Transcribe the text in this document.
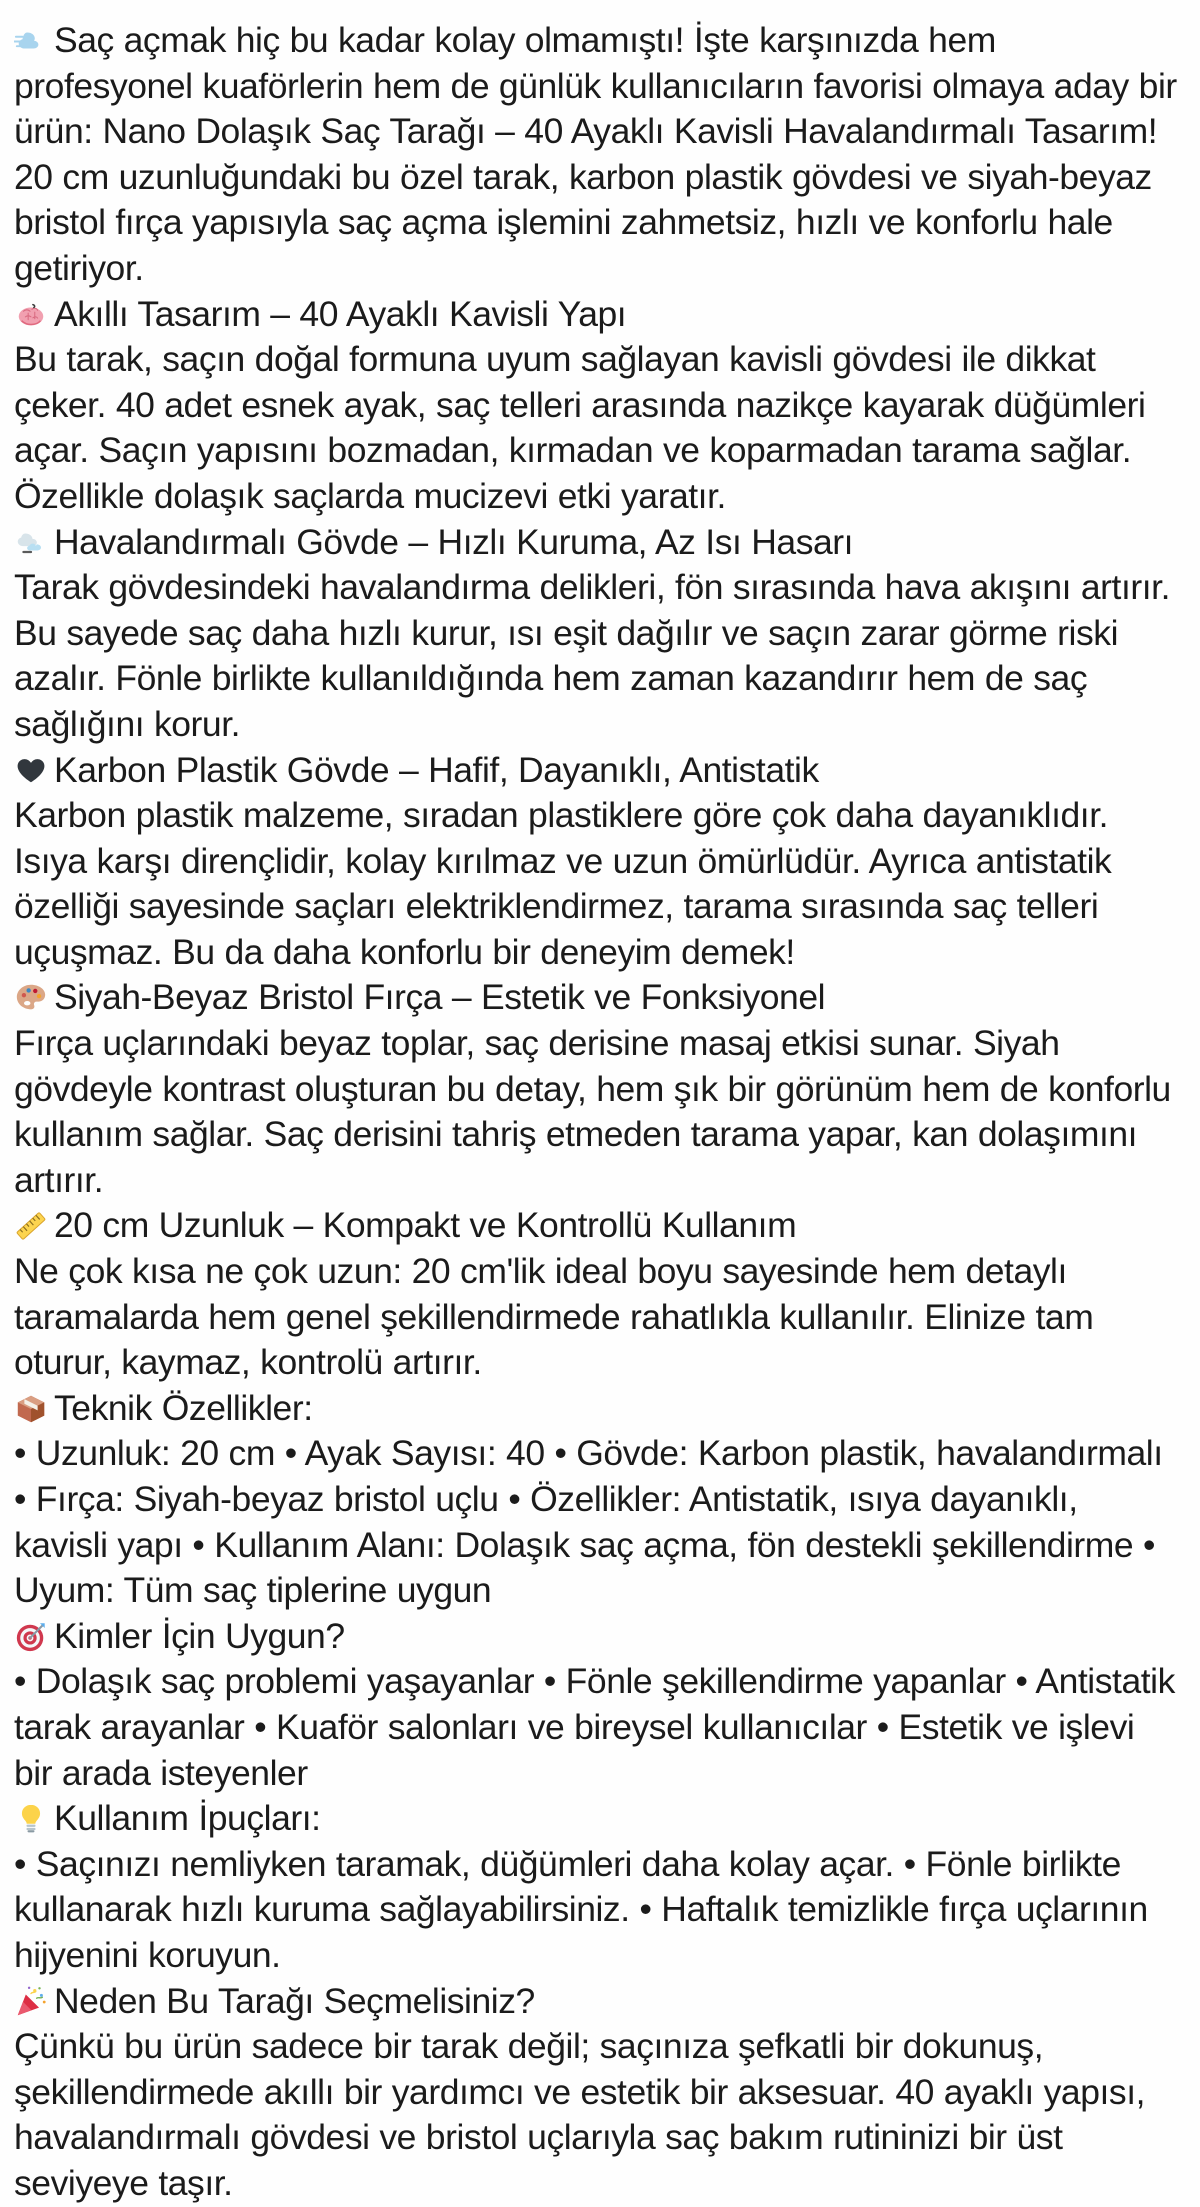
Saç açmak hiç bu kadar kolay olmamıştı! İşte karşınızda hem profesyonel kuaförlerin hem de günlük kullanıcıların favorisi olmaya aday bir ürün: Nano Dolaşık Saç Tarağı – 40 Ayaklı Kavisli Havalandırmalı Tasarım! 20 cm uzunluğundaki bu özel tarak, karbon plastik gövdesi ve siyah-beyaz bristol fırça yapısıyla saç açma işlemini zahmetsiz, hızlı ve konforlu hale getiriyor.

Akıllı Tasarım – 40 Ayaklı Kavisli Yapı

Bu tarak, saçın doğal formuna uyum sağlayan kavisli gövdesi ile dikkat çeker. 40 adet esnek ayak, saç telleri arasında nazikçe kayarak düğümleri açar. Saçın yapısını bozmadan, kırmadan ve koparmadan tarama sağlar. Özellikle dolaşık saçlarda mucizevi etki yaratır.

Havalandırmalı Gövde – Hızlı Kuruma, Az Isı Hasarı

Tarak gövdesindeki havalandırma delikleri, fön sırasında hava akışını artırır. Bu sayede saç daha hızlı kurur, ısı eşit dağılır ve saçın zarar görme riski azalır. Fönle birlikte kullanıldığında hem zaman kazandırır hem de saç sağlığını korur.

Karbon Plastik Gövde – Hafif, Dayanıklı, Antistatik

Karbon plastik malzeme, sıradan plastiklere göre çok daha dayanıklıdır. Isıya karşı dirençlidir, kolay kırılmaz ve uzun ömürlüdür. Ayrıca antistatik özelliği sayesinde saçları elektriklendirmez, tarama sırasında saç telleri uçuşmaz. Bu da daha konforlu bir deneyim demek!

Siyah-Beyaz Bristol Fırça – Estetik ve Fonksiyonel

Fırça uçlarındaki beyaz toplar, saç derisine masaj etkisi sunar. Siyah gövdeyle kontrast oluşturan bu detay, hem şık bir görünüm hem de konforlu kullanım sağlar. Saç derisini tahriş etmeden tarama yapar, kan dolaşımını artırır.

20 cm Uzunluk – Kompakt ve Kontrollü Kullanım

Ne çok kısa ne çok uzun: 20 cm'lik ideal boyu sayesinde hem detaylı taramalarda hem genel şekillendirmede rahatlıkla kullanılır. Elinize tam oturur, kaymaz, kontrolü artırır.

Teknik Özellikler:

• Uzunluk: 20 cm • Ayak Sayısı: 40 • Gövde: Karbon plastik, havalandırmalı • Fırça: Siyah-beyaz bristol uçlu • Özellikler: Antistatik, ısıya dayanıklı, kavisli yapı • Kullanım Alanı: Dolaşık saç açma, fön destekli şekillendirme • Uyum: Tüm saç tiplerine uygun

Kimler İçin Uygun?

• Dolaşık saç problemi yaşayanlar • Fönle şekillendirme yapanlar • Antistatik tarak arayanlar • Kuaför salonları ve bireysel kullanıcılar • Estetik ve işlevi bir arada isteyenler

Kullanım İpuçları:

• Saçınızı nemliyken taramak, düğümleri daha kolay açar. • Fönle birlikte kullanarak hızlı kuruma sağlayabilirsiniz. • Haftalık temizlikle fırça uçlarının hijyenini koruyun.

Neden Bu Tarağı Seçmelisiniz?

Çünkü bu ürün sadece bir tarak değil; saçınıza şefkatli bir dokunuş, şekillendirmede akıllı bir yardımcı ve estetik bir aksesuar. 40 ayaklı yapısı, havalandırmalı gövdesi ve bristol uçlarıyla saç bakım rutininizi bir üst seviyeye taşır.
